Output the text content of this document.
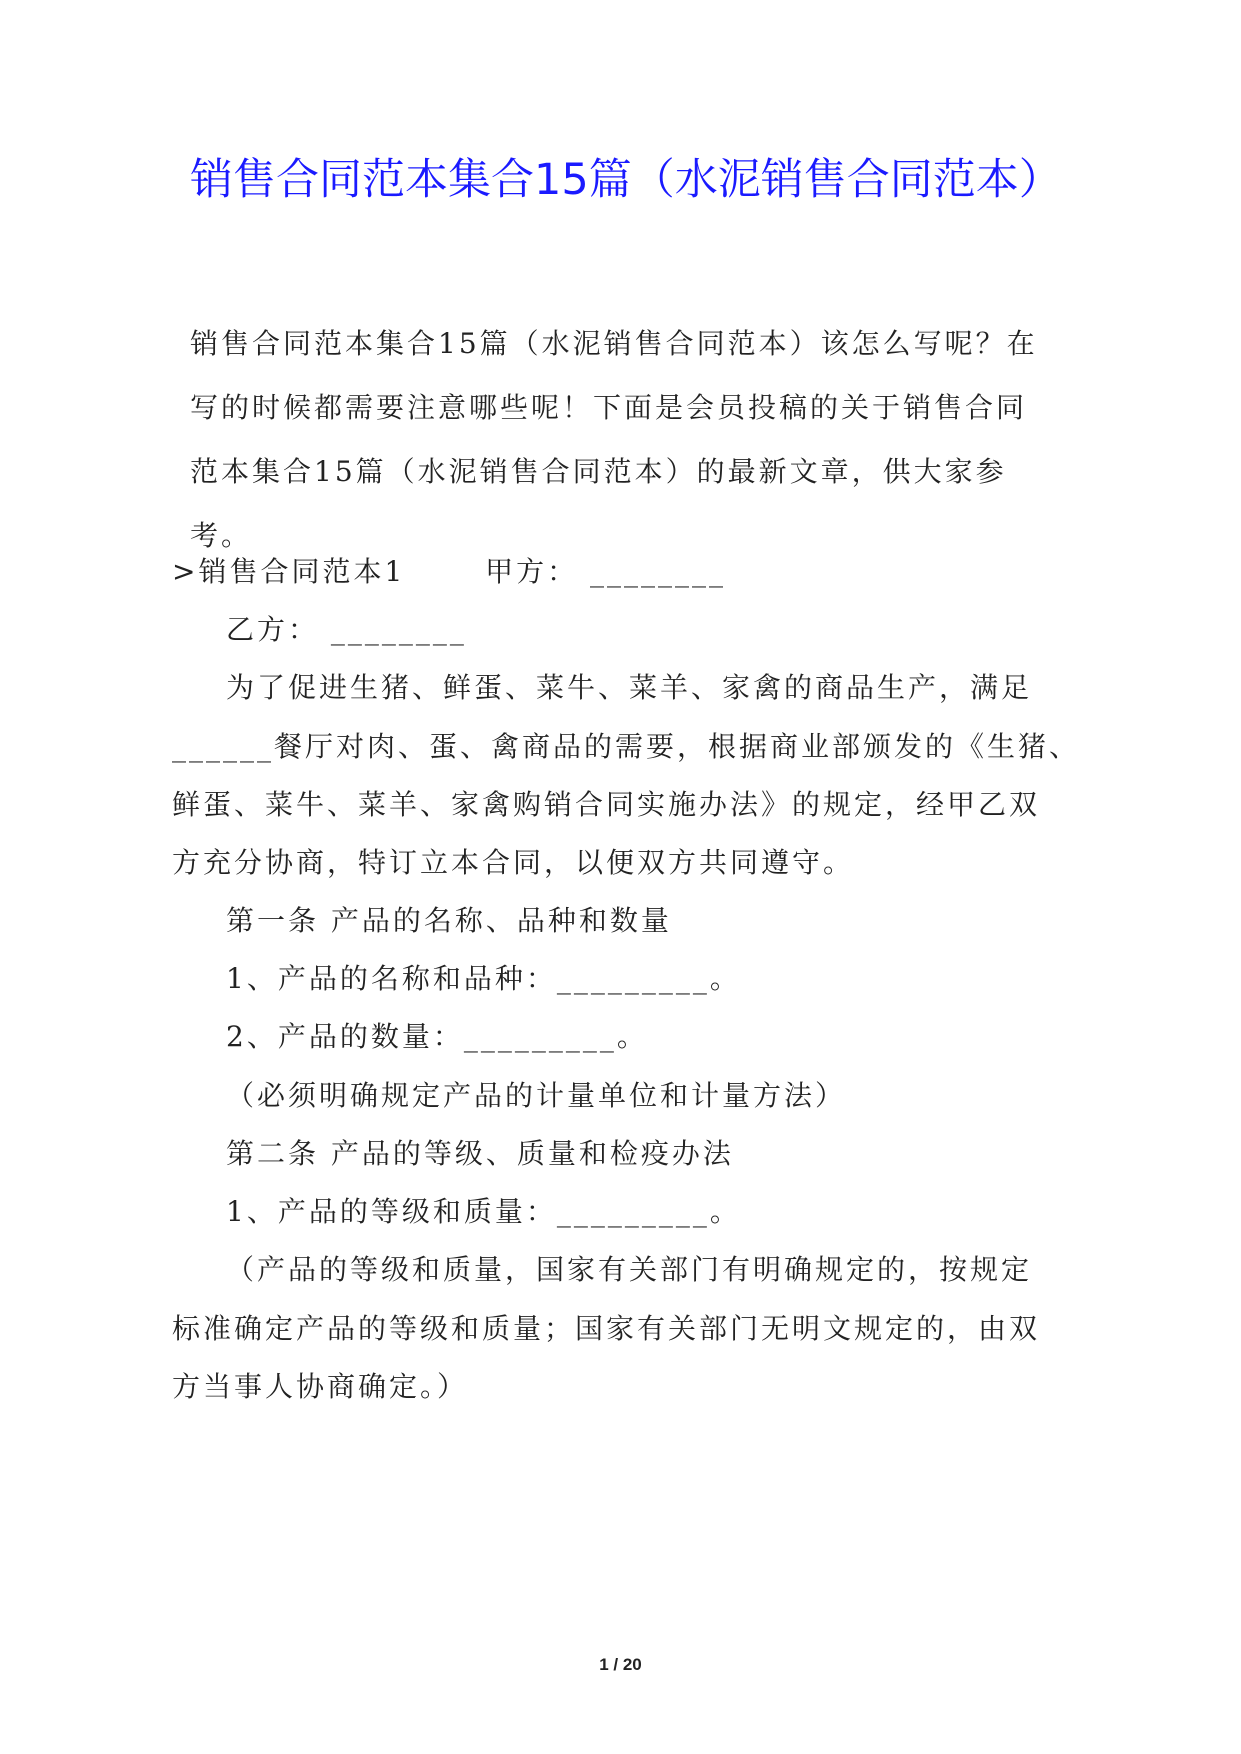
销售合同范本集合15篇（水泥销售合同范本）

销售合同范本集合15篇（水泥销售合同范本）该怎么写呢？在写的时候都需要注意哪些呢！下面是会员投稿的关于销售合同范本集合15篇（水泥销售合同范本）的最新文章，供大家参考。

>销售合同范本1	甲方： ________
乙方： ________
为了促进生猪、鲜蛋、菜牛、菜羊、家禽的商品生产，满足
______餐厅对肉、蛋、禽商品的需要，根据商业部颁发的《生猪、
鲜蛋、菜牛、菜羊、家禽购销合同实施办法》的规定，经甲乙双
方充分协商，特订立本合同，以便双方共同遵守。
第一条 产品的名称、品种和数量
1、产品的名称和品种：_________。
2、产品的数量：_________。
（必须明确规定产品的计量单位和计量方法）
第二条 产品的等级、质量和检疫办法
1、产品的等级和质量：_________。
（产品的等级和质量，国家有关部门有明确规定的，按规定
标准确定产品的等级和质量；国家有关部门无明文规定的，由双
方当事人协商确定。）
1 / 20
